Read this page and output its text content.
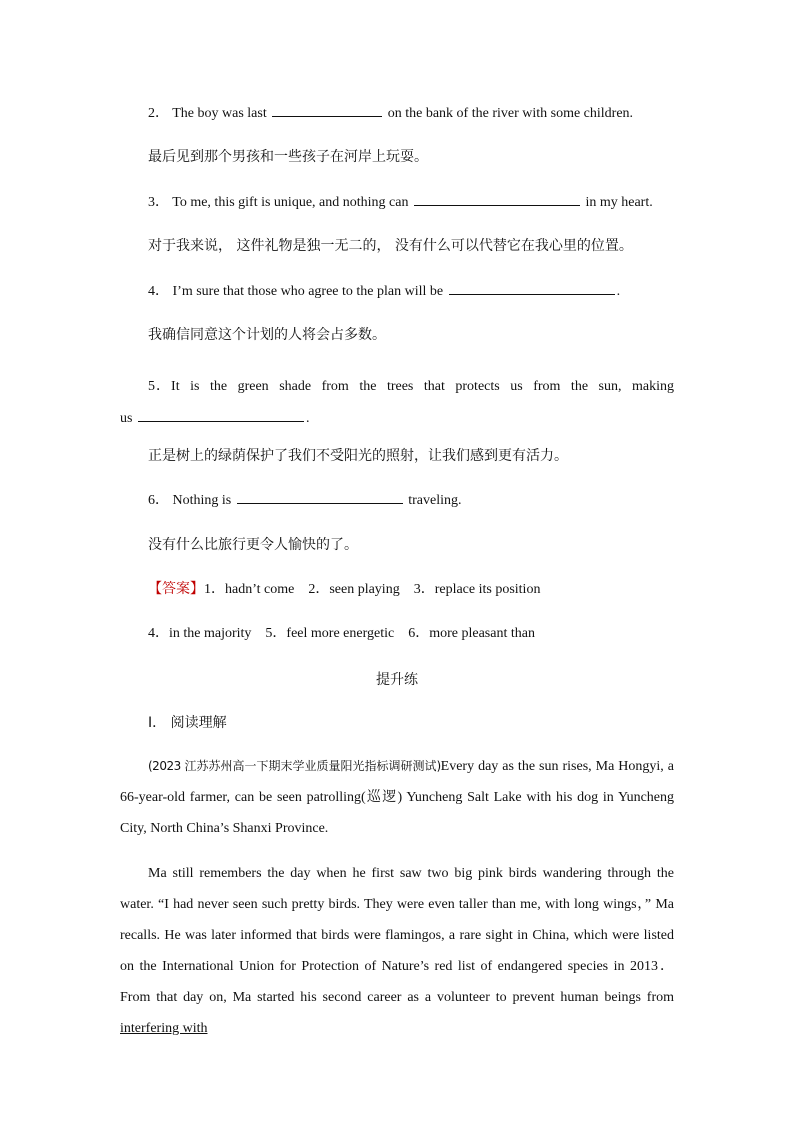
2． The boy was last	on the bank of the river with some children.
最后见到那个男孩和一些孩子在河岸上玩耍。
3． To me, this gift is unique, and nothing can	in my heart.
对于我来说， 这件礼物是独一无二的， 没有什么可以代替它在我心里的位置。
4． I’m sure that those who agree to the plan will be	.
我确信同意这个计划的人将会占多数。
5．It is the green shade from the trees that protects us from the sun, making us	.
正是树上的绿荫保护了我们不受阳光的照射，让我们感到更有活力。
6． Nothing is	traveling.
没有什么比旅行更令人愉快的了。
【答案】1．hadn’t come　2．seen playing　3．replace its position
4．in the majority　5．feel more energetic　6．more pleasant than
提升练
Ⅰ． 阅读理解
(2023 江苏苏州高一下期末学业质量阳光指标调研测试)Every day as the sun rises, Ma Hongyi, a 66-year-old farmer, can be seen patrolling(巡逻) Yuncheng Salt Lake with his dog in Yuncheng City, North China’s Shanxi Province.
Ma still remembers the day when he first saw two big pink birds wandering through the water. “I had never seen such pretty birds. They were even taller than me, with long wings，” Ma recalls. He was later informed that birds were flamingos, a rare sight in China, which were listed on the International Union for Protection of Nature’s red list of endangered species in 2013．From that day on, Ma started his second career as a volunteer to prevent human beings from interfering with
